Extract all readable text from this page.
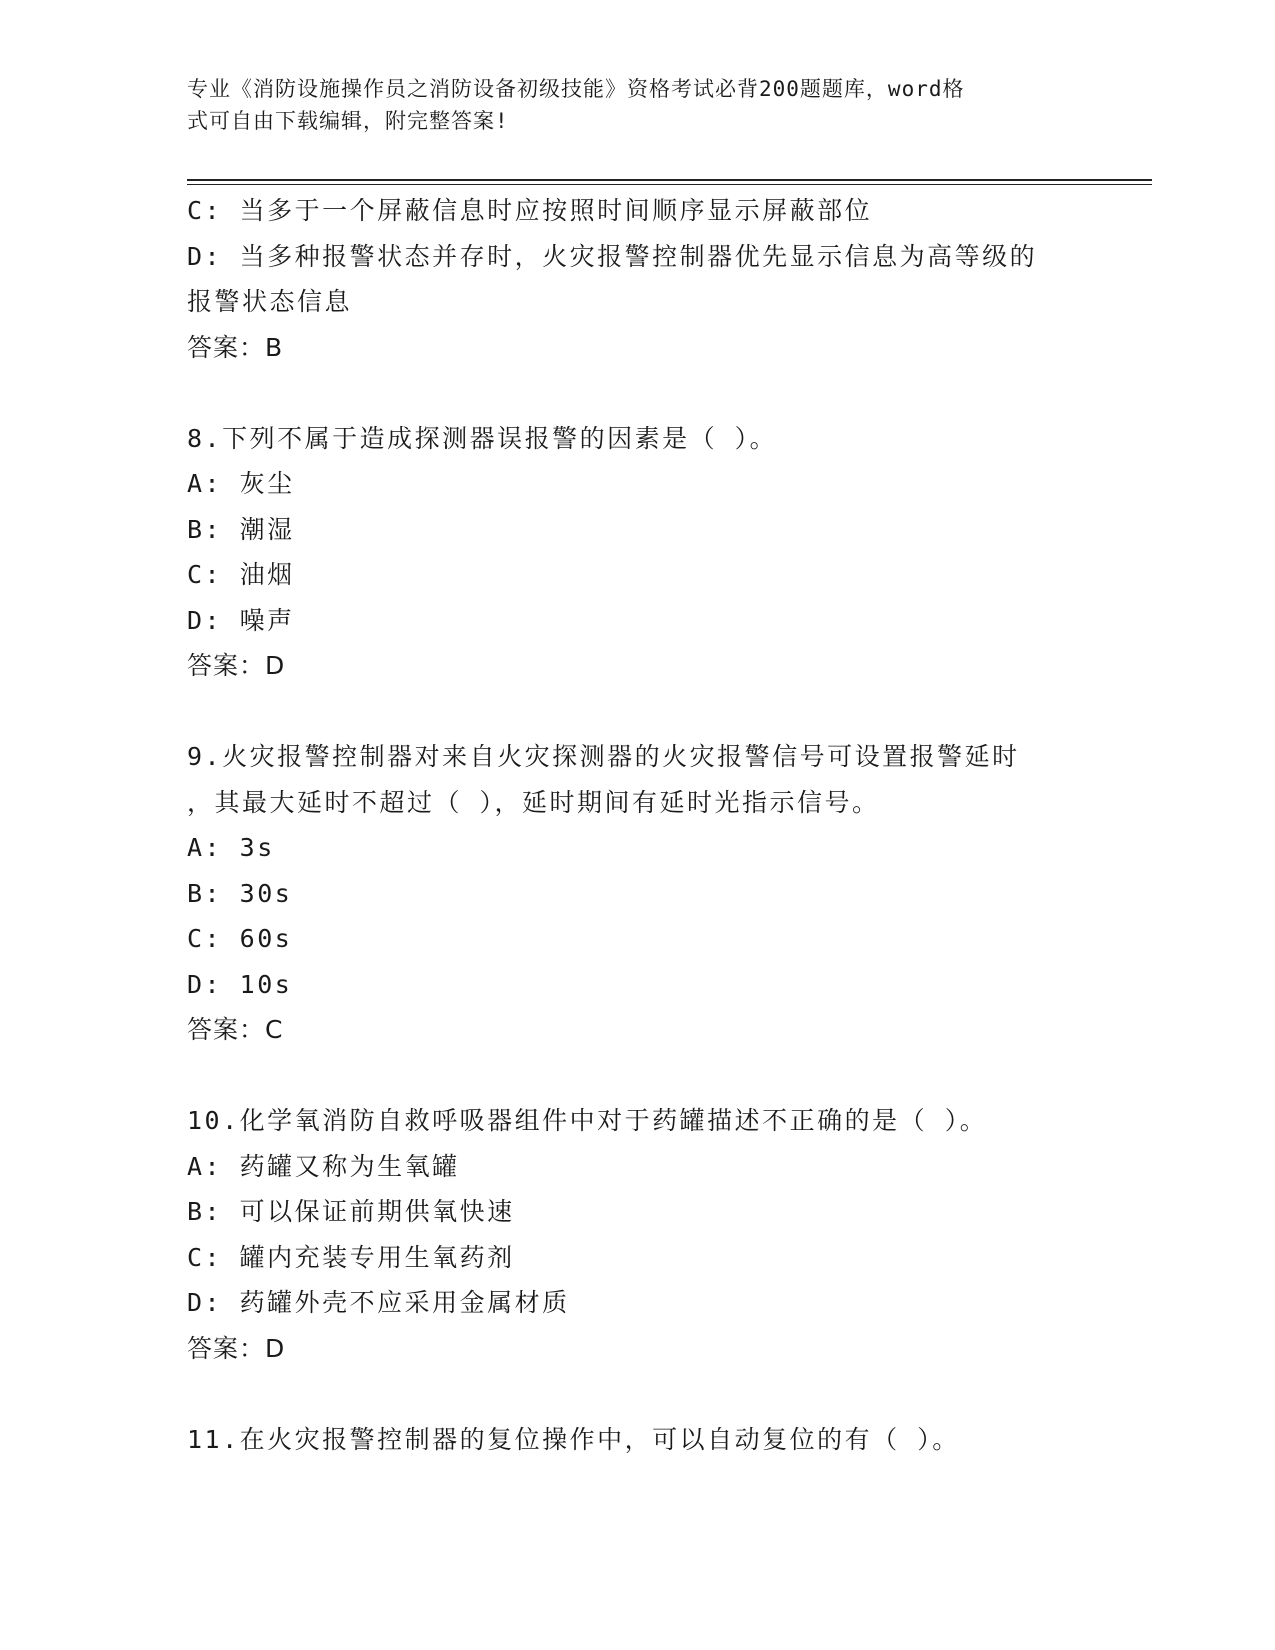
专业《消防设施操作员之消防设备初级技能》资格考试必背200题题库，word格
式可自由下载编辑，附完整答案!

C: 当多于一个屏蔽信息时应按照时间顺序显示屏蔽部位

D: 当多种报警状态并存时，火灾报警控制器优先显示信息为高等级的

报警状态信息

答案：B

8.下列不属于造成探测器误报警的因素是（ ）。

A: 灰尘

B: 潮湿

C: 油烟

D: 噪声

答案：D

9.火灾报警控制器对来自火灾探测器的火灾报警信号可设置报警延时

，其最大延时不超过（ ），延时期间有延时光指示信号。

A: 3s

B: 30s

C: 60s

D: 10s

答案：C

10.化学氧消防自救呼吸器组件中对于药罐描述不正确的是（ ）。

A: 药罐又称为生氧罐

B: 可以保证前期供氧快速

C: 罐内充装专用生氧药剂

D: 药罐外壳不应采用金属材质

答案：D

11.在火灾报警控制器的复位操作中，可以自动复位的有（ ）。
